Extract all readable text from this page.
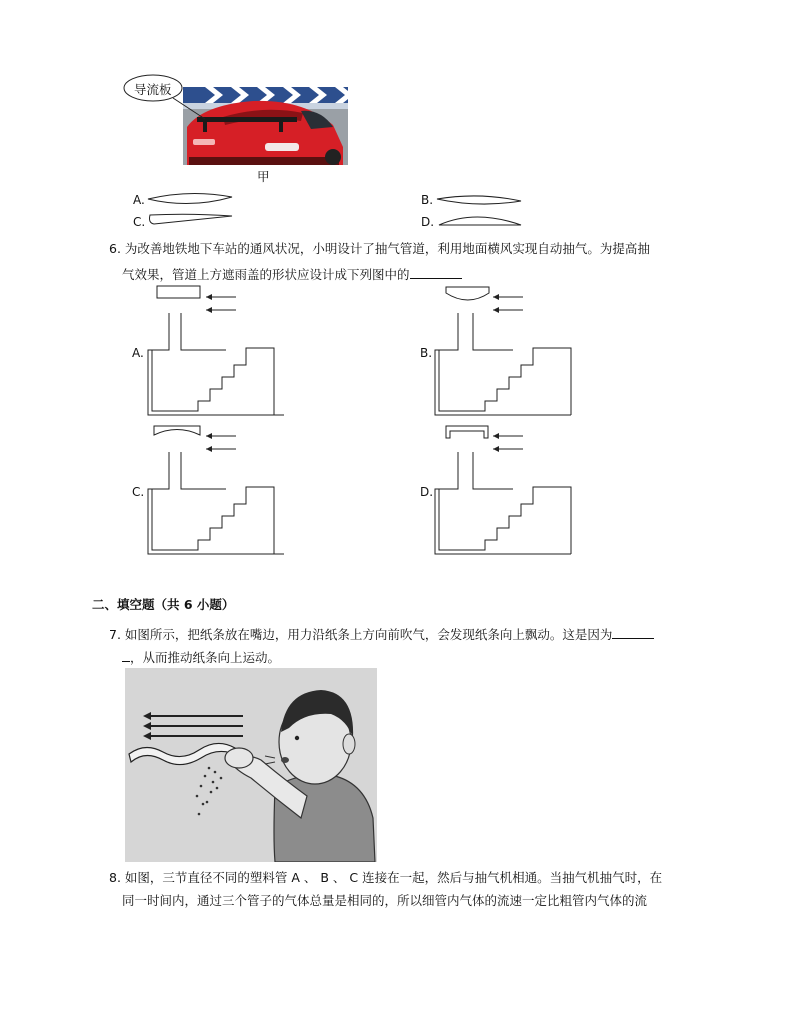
导流板
甲
A.	B.
C.	D.
6. 为改善地铁地下车站的通风状况，小明设计了抽气管道，利用地面横风实现自动抽气。为提高抽
气效果，管道上方遮雨盖的形状应设计成下列图中的
A.	B.
C.	D.
二、填空题（共 6 小题）
7. 如图所示，把纸条放在嘴边，用力沿纸条上方向前吹气，会发现纸条向上飘动。这是因为
，从而推动纸条向上运动。
8. 如图，三节直径不同的塑料管 A 、 B 、 C 连接在一起，然后与抽气机相通。当抽气机抽气时，在
同一时间内，通过三个管子的气体总量是相同的，所以细管内气体的流速一定比粗管内气体的流
